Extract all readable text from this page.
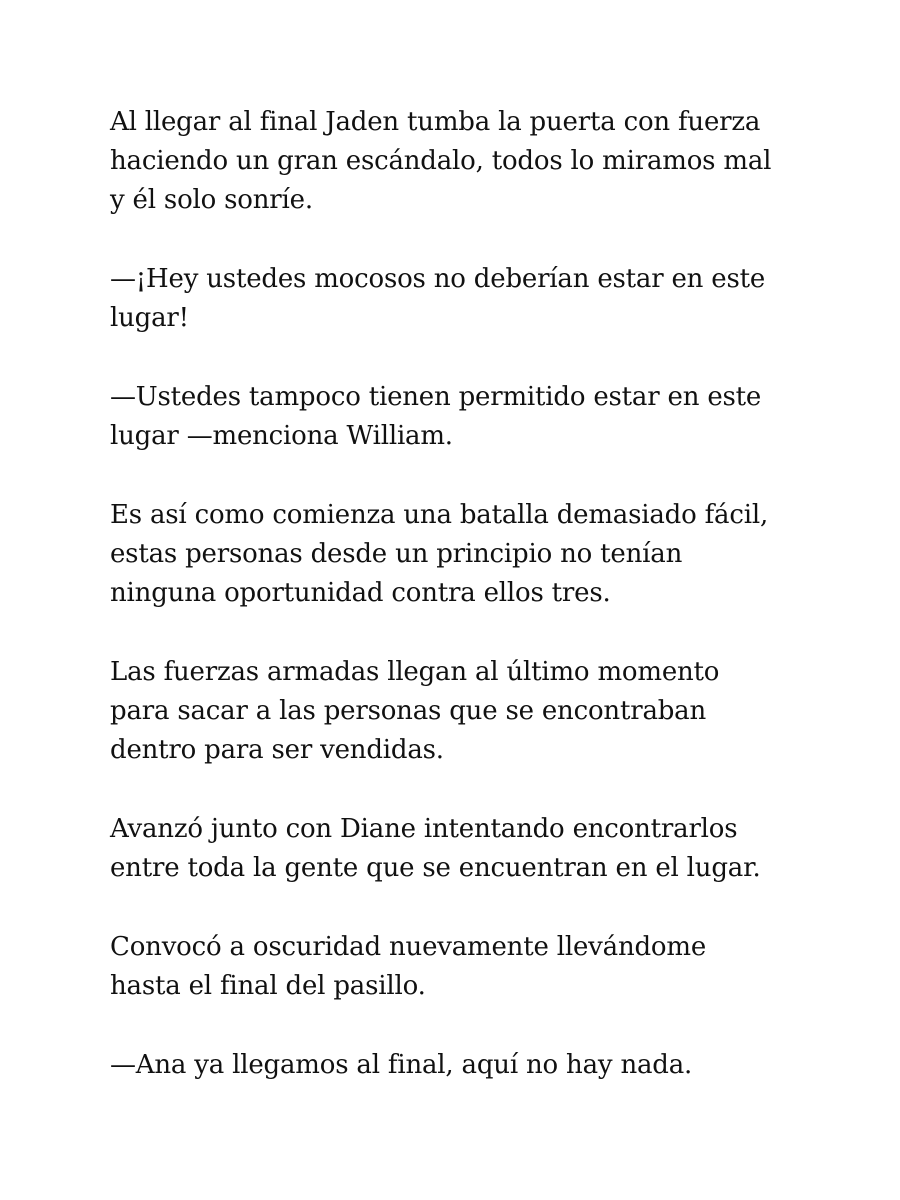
Al llegar al final Jaden tumba la puerta con fuerza
haciendo un gran escándalo, todos lo miramos mal
y él solo sonríe.

—¡Hey ustedes mocosos no deberían estar en este
lugar!

—Ustedes tampoco tienen permitido estar en este
lugar —menciona William.

Es así como comienza una batalla demasiado fácil,
estas personas desde un principio no tenían
ninguna oportunidad contra ellos tres.

Las fuerzas armadas llegan al último momento
para sacar a las personas que se encontraban
dentro para ser vendidas.

Avanzó junto con Diane intentando encontrarlos
entre toda la gente que se encuentran en el lugar.

Convocó a oscuridad nuevamente llevándome
hasta el final del pasillo.

—Ana ya llegamos al final, aquí no hay nada.
